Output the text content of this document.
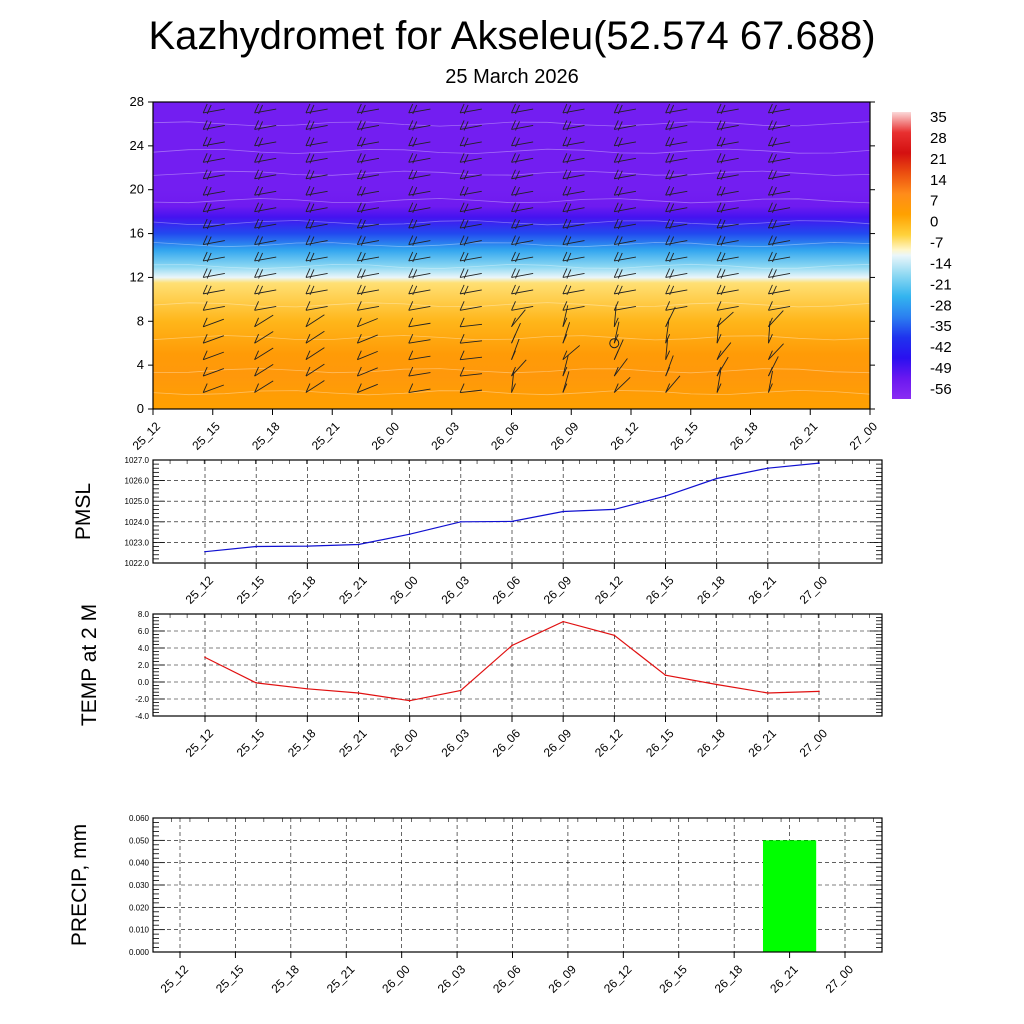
Kazhydromet for Akseleu(52.574 67.688)
25 March 2026
0
4
8
12
16
20
24
28
25_12 25_15 25_18 25_21 26_00 26_03 26_06 26_09 26_12 26_15 26_18 26_21 27_00
35
28
21
14
7
0
-7
-14
-21
-28
-35
-42
-49
-56
1022.0
1023.0
1024.0
1025.0
1026.0
1027.0
25_12 25_15 25_18 25_21 26_00 26_03 26_06 26_09 26_12 26_15 26_18 26_21 27_00
PMSL
-4.0
-2.0
0.0
2.0
4.0
6.0
8.0
25_12 25_15 25_18 25_21 26_00 26_03 26_06 26_09 26_12 26_15 26_18 26_21 27_00
TEMP at 2 M
0.000
0.010
0.020
0.030
0.040
0.050
0.060
25_12 25_15 25_18 25_21 26_00 26_03 26_06 26_09 26_12 26_15 26_18 26_21 27_00
PRECIP, mm
